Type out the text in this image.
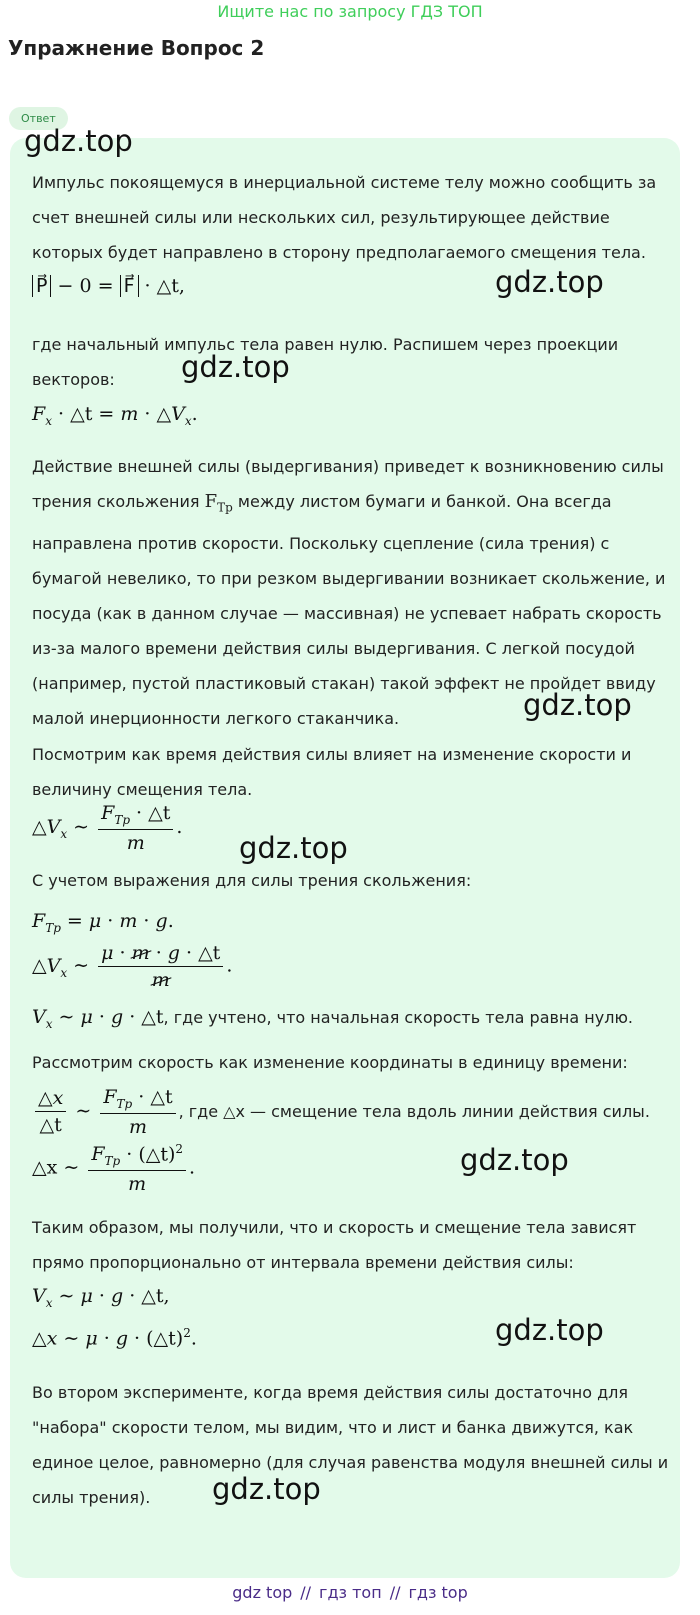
Ищите нас по запросу ГДЗ ТОП
Упражнение Вопрос 2
Ответ
gdz.top
gdz.top
gdz.top
gdz.top
gdz.top
gdz.top
gdz.top
gdz.top
Импульс покоящемуся в инерциальной системе телу можно сообщить за счет внешней силы или нескольких сил, результирующее действие которых будет направлено в сторону предполагаемого смещения тела.
P⃗ − 0 = F⃗ · △t,
где начальный импульс тела равен нулю. Распишем через проекции векторов:
$F_x$ · △t = $m \cdot \triangle V_x$.
Действие внешней силы (выдергивания) приведет к возникновению силы трения скольжения $F_{Тр}$ между листом бумаги и банкой. Она всегда направлена против скорости. Поскольку сцепление (сила трения) с бумагой невелико, то при резком выдергивании возникает скольжение, и посуда (как в данном случае — массивная) не успевает набрать скорость из-за малого времени действия силы выдергивания. С легкой посудой (например, пустой пластиковый стакан) такой эффект не пройдет ввиду малой инерционности легкого стаканчика.
Посмотрим как время действия силы влияет на изменение скорости и величину смещения тела.
$\triangle V_x$ ∼ $\frac{F_{Тр} \cdot \triangle t}{m}$ .
С учетом выражения для силы трения скольжения:
$F_{Тр} = \mu \cdot m \cdot g$.
$\triangle V_x$ ∼ $\frac{\mu \cdot m \cdot g \cdot \triangle t}{m}$ .
$V_x$ ∼ μ · g · △t, где учтено, что начальная скорость тела равна нулю.
Рассмотрим скорость как изменение координаты в единицу времени:
$\frac{\triangle x}{\triangle t}$ ∼ $\frac{F_{Тр} \cdot \triangle t}{m}$ , где △x — смещение тела вдоль линии действия силы.
△x ∼ $\frac{F_{Тр} \cdot (\triangle t)^2}{m}$ .
Таким образом, мы получили, что и скорость и смещение тела зависят прямо пропорционально от интервала времени действия силы:
$V_x$ ∼ μ · g · △t,
△x ∼ μ · g · (△t)$^2$.
Во втором эксперименте, когда время действия силы достаточно для "набора" скорости телом, мы видим, что и лист и банка движутся, как единое целое, равномерно (для случая равенства модуля внешней силы и силы трения).
gdz top // гдз топ // гдз top
